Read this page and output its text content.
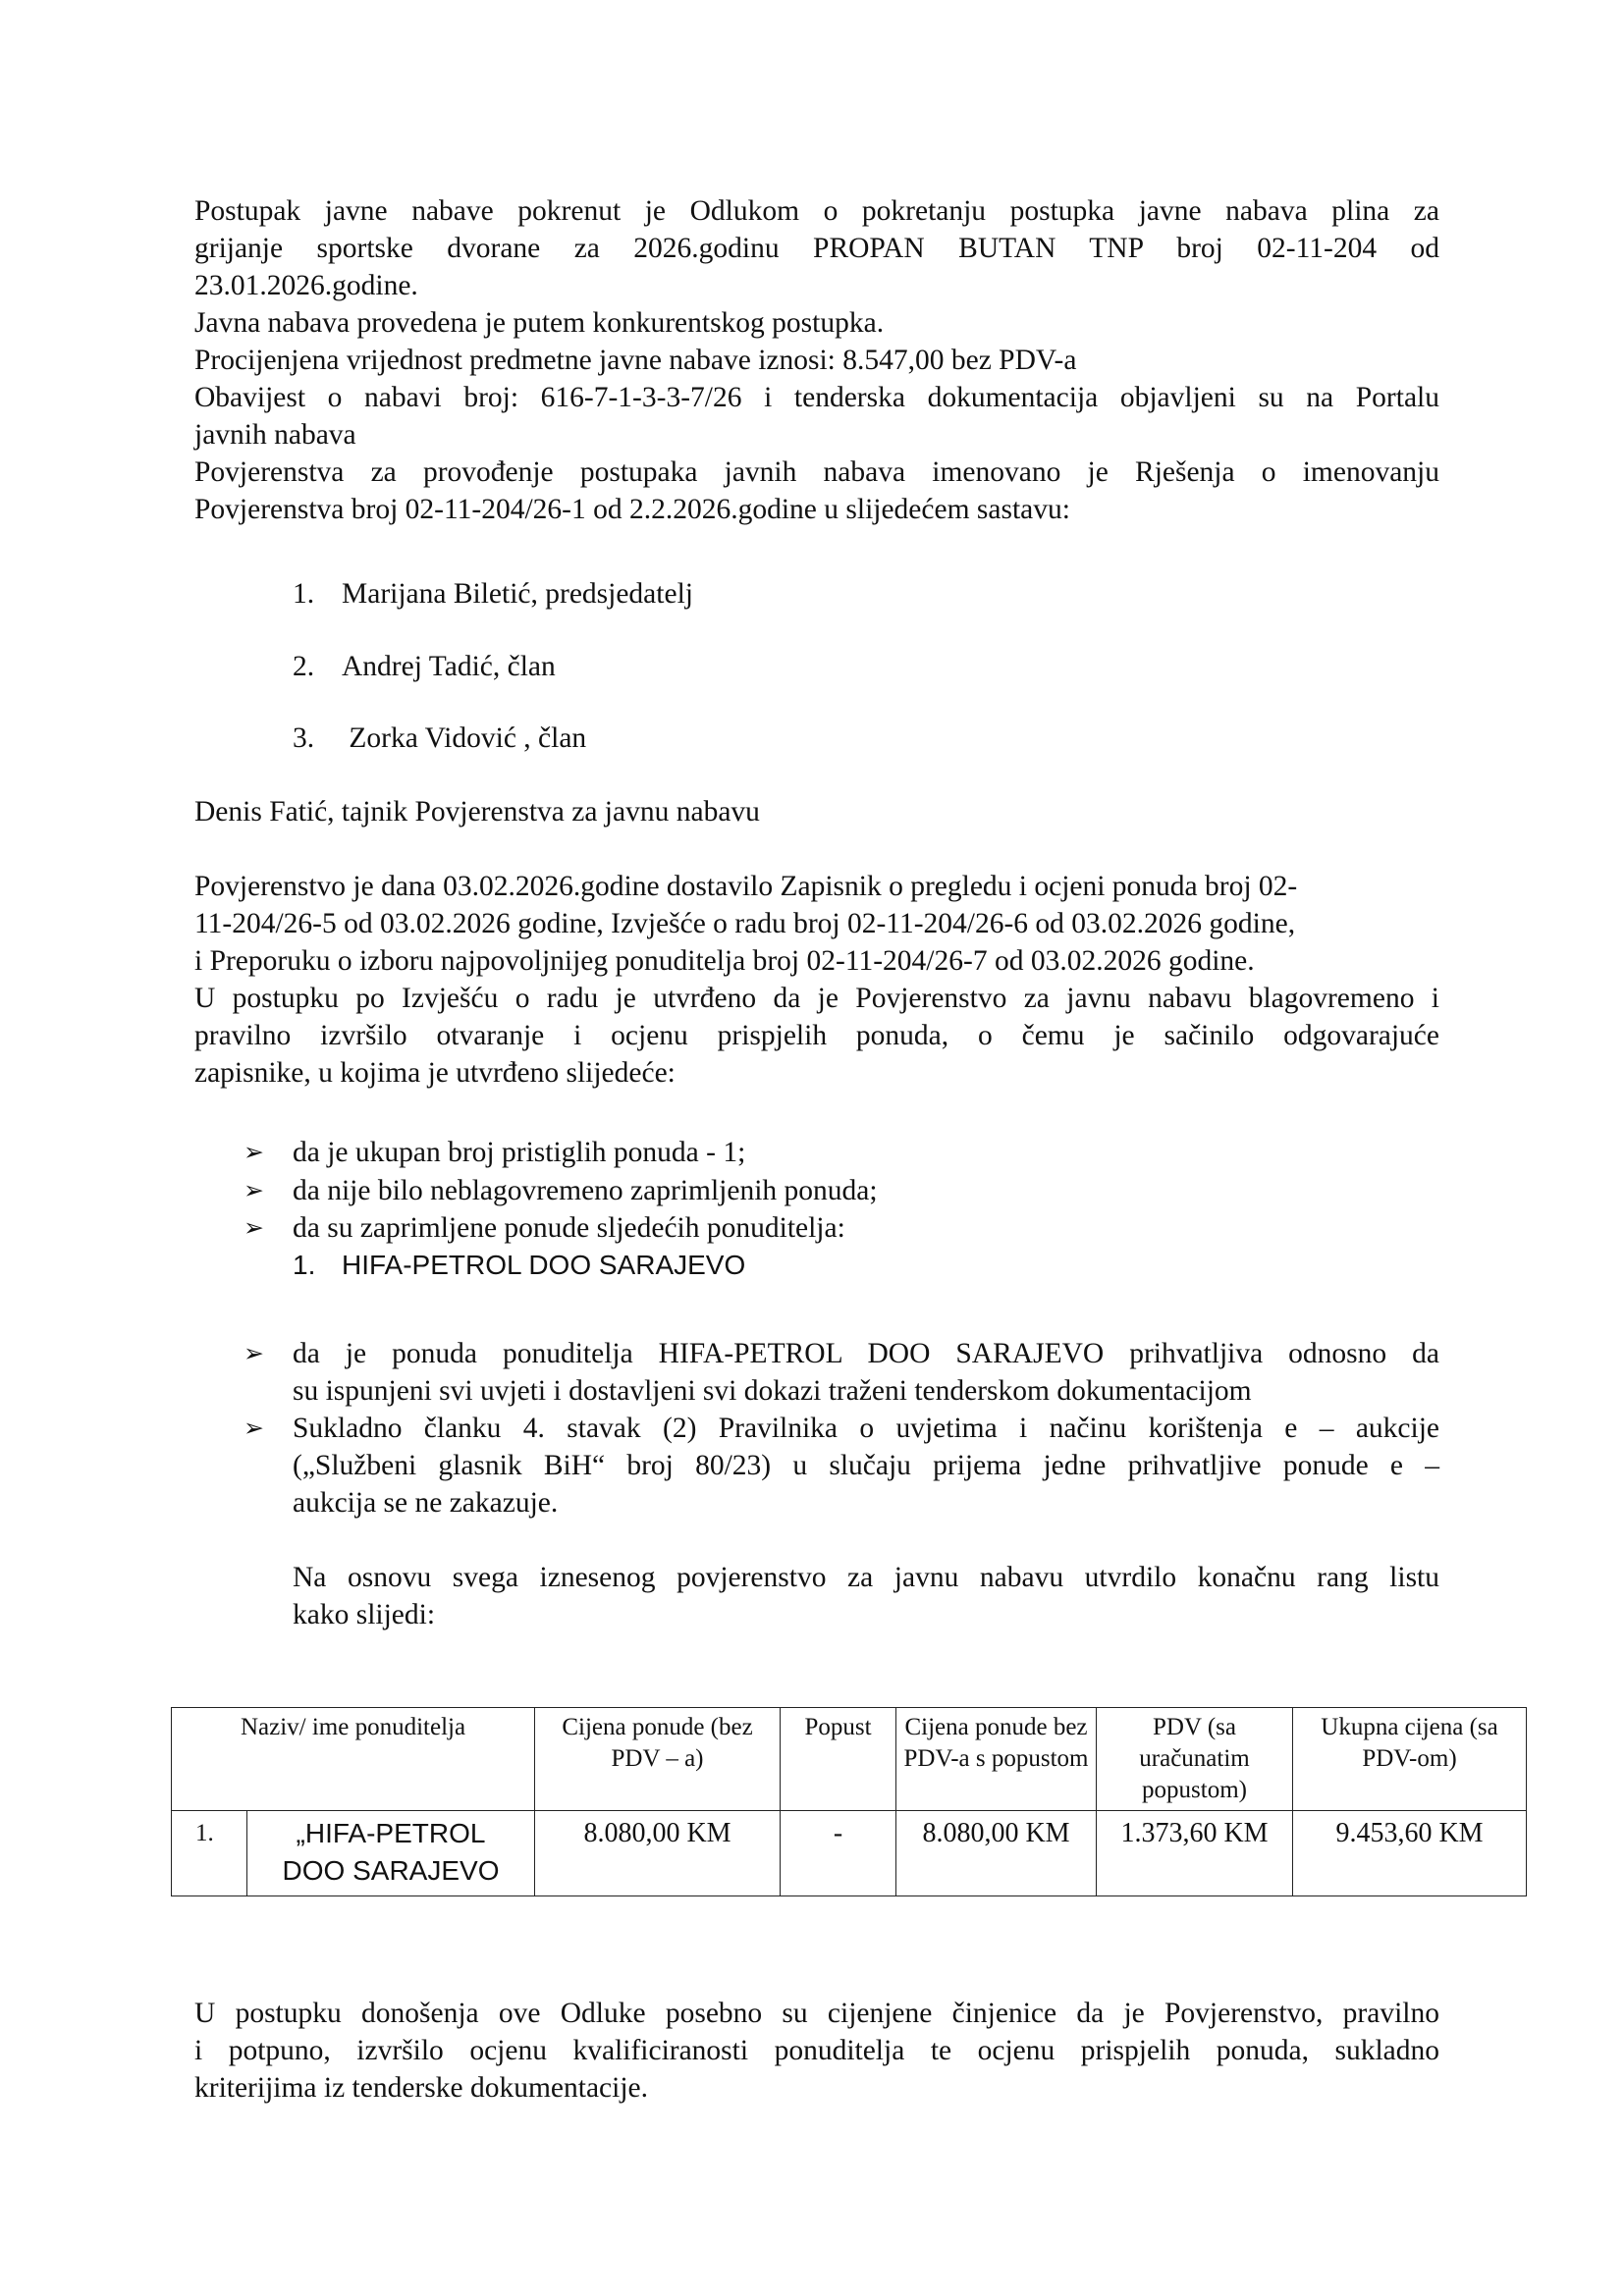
Postupak javne nabave pokrenut je Odlukom o pokretanju postupka javne nabava plina za
grijanje sportske dvorane za 2026.godinu PROPAN BUTAN TNP broj 02-11-204 od
23.01.2026.godine.
Javna nabava provedena je putem konkurentskog postupka.
Procijenjena vrijednost predmetne javne nabave iznosi: 8.547,00 bez PDV-a
Obavijest o nabavi broj: 616-7-1-3-3-7/26 i tenderska dokumentacija objavljeni su na Portalu
javnih nabava
Povjerenstva za provođenje postupaka javnih nabava imenovano je Rješenja o imenovanju
Povjerenstva broj 02-11-204/26-1 od 2.2.2026.godine u slijedećem sastavu:
1. Marijana Biletić, predsjedatelj
2. Andrej Tadić, član
3. Zorka Vidović , član
Denis Fatić, tajnik Povjerenstva za javnu nabavu
Povjerenstvo je dana 03.02.2026.godine dostavilo Zapisnik o pregledu i ocjeni ponuda broj 02-
11-204/26-5 od 03.02.2026 godine, Izvješće o radu broj 02-11-204/26-6 od 03.02.2026 godine,
i Preporuku o izboru najpovoljnijeg ponuditelja broj 02-11-204/26-7 od 03.02.2026 godine.
U postupku po Izvješću o radu je utvrđeno da je Povjerenstvo za javnu nabavu blagovremeno i
pravilno izvršilo otvaranje i ocjenu prispjelih ponuda, o čemu je sačinilo odgovarajuće
zapisnike, u kojima je utvrđeno slijedeće:
➢ da je ukupan broj pristiglih ponuda - 1;
➢ da nije bilo neblagovremeno zaprimljenih ponuda;
➢ da su zaprimljene ponude sljedećih ponuditelja:
1. HIFA-PETROL DOO SARAJEVO
➢ da je ponuda ponuditelja HIFA-PETROL DOO SARAJEVO prihvatljiva odnosno da
su ispunjeni svi uvjeti i dostavljeni svi dokazi traženi tenderskom dokumentacijom
➢ Sukladno članku 4. stavak (2) Pravilnika o uvjetima i načinu korištenja e – aukcije
(„Službeni glasnik BiH“ broj 80/23) u slučaju prijema jedne prihvatljive ponude e –
aukcija se ne zakazuje.
Na osnovu svega iznesenog povjerenstvo za javnu nabavu utvrdilo konačnu rang listu
kako slijedi:
Naziv/ ime ponuditelja		Cijena ponude (bez PDV – a)	Popust	Cijena ponude bez PDV-a s popustom	PDV (sa uračunatim popustom)	Ukupna cijena (sa PDV-om)
1.	„HIFA-PETROL DOO SARAJEVO	8.080,00 KM	-	8.080,00 KM	1.373,60 KM	9.453,60 KM
U postupku donošenja ove Odluke posebno su cijenjene činjenice da je Povjerenstvo, pravilno
i potpuno, izvršilo ocjenu kvalificiranosti ponuditelja te ocjenu prispjelih ponuda, sukladno
kriterijima iz tenderske dokumentacije.
